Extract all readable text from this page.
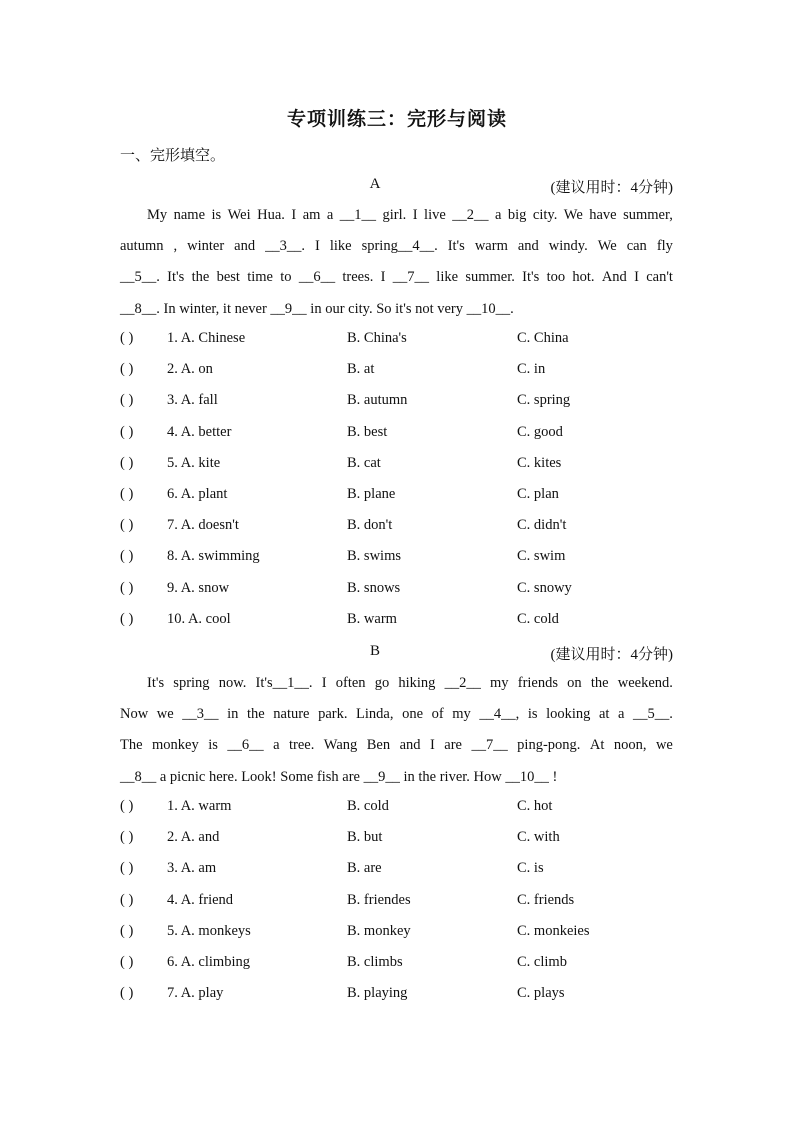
专项训练三：完形与阅读
一、完形填空。
A	(建议用时：4分钟)
My name is Wei Hua. I am a __1__ girl. I live __2__ a big city. We have summer,
autumn , winter and __3__. I like spring__4__. It's warm and windy. We can fly
__5__. It's the best time to __6__ trees. I __7__ like summer. It's too hot. And I can't
__8__. In winter, it never __9__ in our city. So it's not very __10__.
( ) 1. A. Chinese	B. China's	C. China
( ) 2. A. on	B. at	C. in
( ) 3. A. fall	B. autumn	C. spring
( ) 4. A. better	B. best	C. good
( ) 5. A. kite	B. cat	C. kites
( ) 6. A. plant	B. plane	C. plan
( ) 7. A. doesn't	B. don't	C. didn't
( ) 8. A. swimming	B. swims	C. swim
( ) 9. A. snow	B. snows	C. snowy
( ) 10. A. cool	B. warm	C. cold
B	(建议用时：4分钟)
It's spring now. It's__1__. I often go hiking __2__ my friends on the weekend.
Now we __3__ in the nature park. Linda, one of my __4__, is looking at a __5__.
The monkey is __6__ a tree. Wang Ben and I are __7__ ping-pong. At noon, we
__8__ a picnic here. Look! Some fish are __9__ in the river. How __10__ !
( ) 1. A. warm	B. cold	C. hot
( ) 2. A. and	B. but	C. with
( ) 3. A. am	B. are	C. is
( ) 4. A. friend	B. friendes	C. friends
( ) 5. A. monkeys	B. monkey	C. monkeies
( ) 6. A. climbing	B. climbs	C. climb
( ) 7. A. play	B. playing	C. plays
